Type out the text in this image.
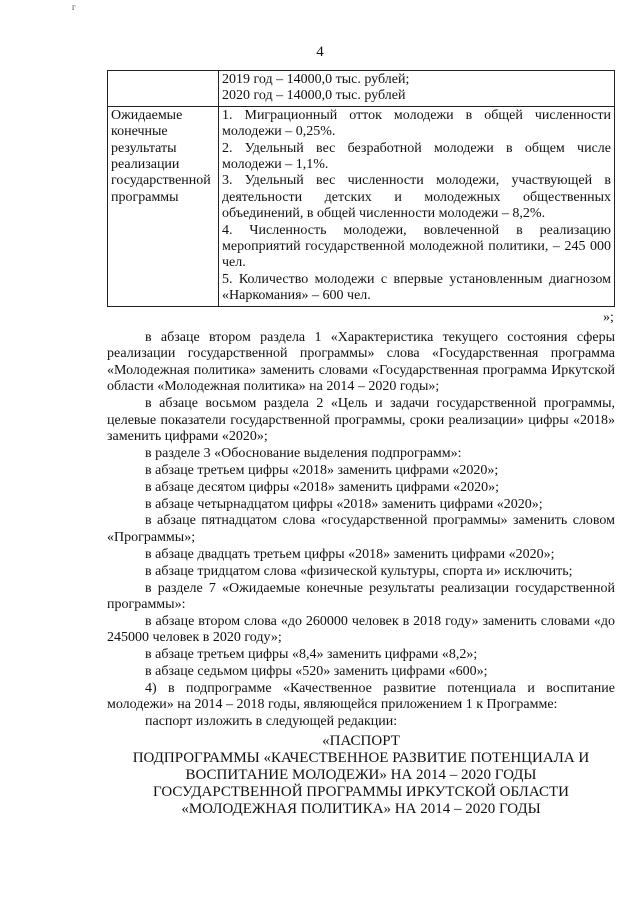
г
4

	2019 год – 14000,0 тыс. рублей;
2020 год – 14000,0 тыс. рублей

Ожидаемые конечные результаты реализации государственной программы	1. Миграционный отток молодежи в общей численности молодежи – 0,25%.
2. Удельный вес безработной молодежи в общем числе молодежи – 1,1%.
3. Удельный вес численности молодежи, участвующей в деятельности детских и молодежных общественных объединений, в общей численности молодежи – 8,2%.
4. Численность молодежи, вовлеченной в реализацию мероприятий государственной молодежной политики, – 245 000 чел.
5. Количество молодежи с впервые установленным диагнозом «Наркомания» – 600 чел.
»;

в абзаце втором раздела 1 «Характеристика текущего состояния сферы реализации государственной программы» слова «Государственная программа «Молодежная политика» заменить словами «Государственная программа Иркутской области «Молодежная политика» на 2014 – 2020 годы»;

в абзаце восьмом раздела 2 «Цель и задачи государственной программы, целевые показатели государственной программы, сроки реализации» цифры «2018» заменить цифрами «2020»;

в разделе 3 «Обоснование выделения подпрограмм»:

в абзаце третьем цифры «2018» заменить цифрами «2020»;

в абзаце десятом цифры «2018» заменить цифрами «2020»;

в абзаце четырнадцатом цифры «2018» заменить цифрами «2020»;

в абзаце пятнадцатом слова «государственной программы» заменить словом «Программы»;

в абзаце двадцать третьем цифры «2018» заменить цифрами «2020»;

в абзаце тридцатом слова «физической культуры, спорта и» исключить;

в разделе 7 «Ожидаемые конечные результаты реализации государственной программы»:

в абзаце втором слова «до 260000 человек в 2018 году» заменить словами «до 245000 человек в 2020 году»;

в абзаце третьем цифры «8,4» заменить цифрами «8,2»;

в абзаце седьмом цифры «520» заменить цифрами «600»;

4) в подпрограмме «Качественное развитие потенциала и воспитание молодежи» на 2014 – 2018 годы, являющейся приложением 1 к Программе:

паспорт изложить в следующей редакции:

«ПАСПОРТ
ПОДПРОГРАММЫ «КАЧЕСТВЕННОЕ РАЗВИТИЕ ПОТЕНЦИАЛА И
ВОСПИТАНИЕ МОЛОДЕЖИ» НА 2014 – 2020 ГОДЫ
ГОСУДАРСТВЕННОЙ ПРОГРАММЫ ИРКУТСКОЙ ОБЛАСТИ
«МОЛОДЕЖНАЯ ПОЛИТИКА» НА 2014 – 2020 ГОДЫ
